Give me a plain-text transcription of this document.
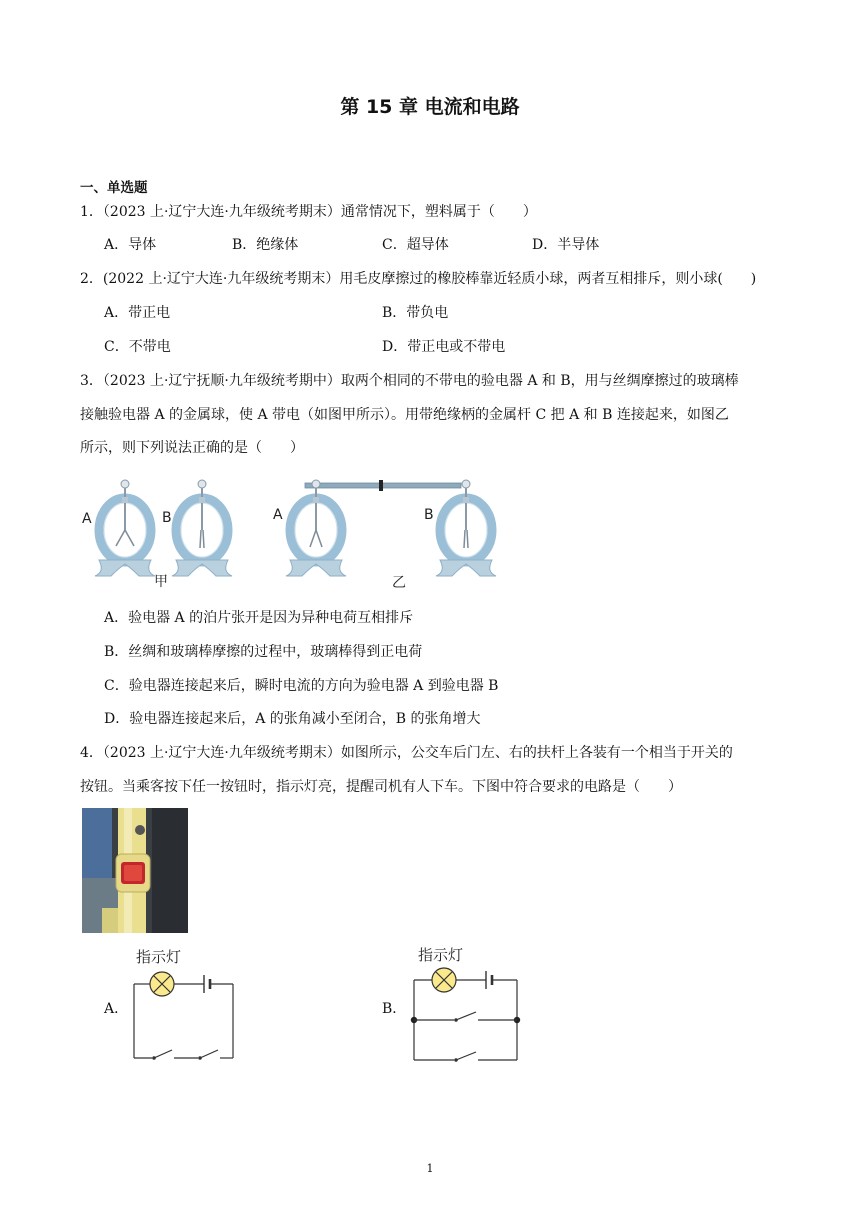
第 15 章 电流和电路
一、单选题
1．（2023 上·辽宁大连·九年级统考期末）通常情况下，塑料属于（　　）
A．导体	B．绝缘体	C．超导体	D．半导体
2．(2022 上·辽宁大连·九年级统考期末）用毛皮摩擦过的橡胶棒靠近轻质小球，两者互相排斥，则小球(　　)
A．带正电	B．带负电
C．不带电	D．带正电或不带电
3．（2023 上·辽宁抚顺·九年级统考期中）取两个相同的不带电的验电器 A 和 B，用与丝绸摩擦过的玻璃棒
接触验电器 A 的金属球，使 A 带电（如图甲所示）。用带绝缘柄的金属杆 C 把 A 和 B 连接起来，如图乙
所示，则下列说法正确的是（　　）
A	B
甲
A	B
乙
A．验电器 A 的泊片张开是因为异种电荷互相排斥
B．丝绸和玻璃棒摩擦的过程中，玻璃棒得到正电荷
C．验电器连接起来后，瞬时电流的方向为验电器 A 到验电器 B
D．验电器连接起来后，A 的张角减小至闭合，B 的张角增大
4．（2023 上·辽宁大连·九年级统考期末）如图所示，公交车后门左、右的扶杆上各装有一个相当于开关的
按钮。当乘客按下任一按钮时，指示灯亮，提醒司机有人下车。下图中符合要求的电路是（　　）
A．
指示灯
B．
指示灯
1
